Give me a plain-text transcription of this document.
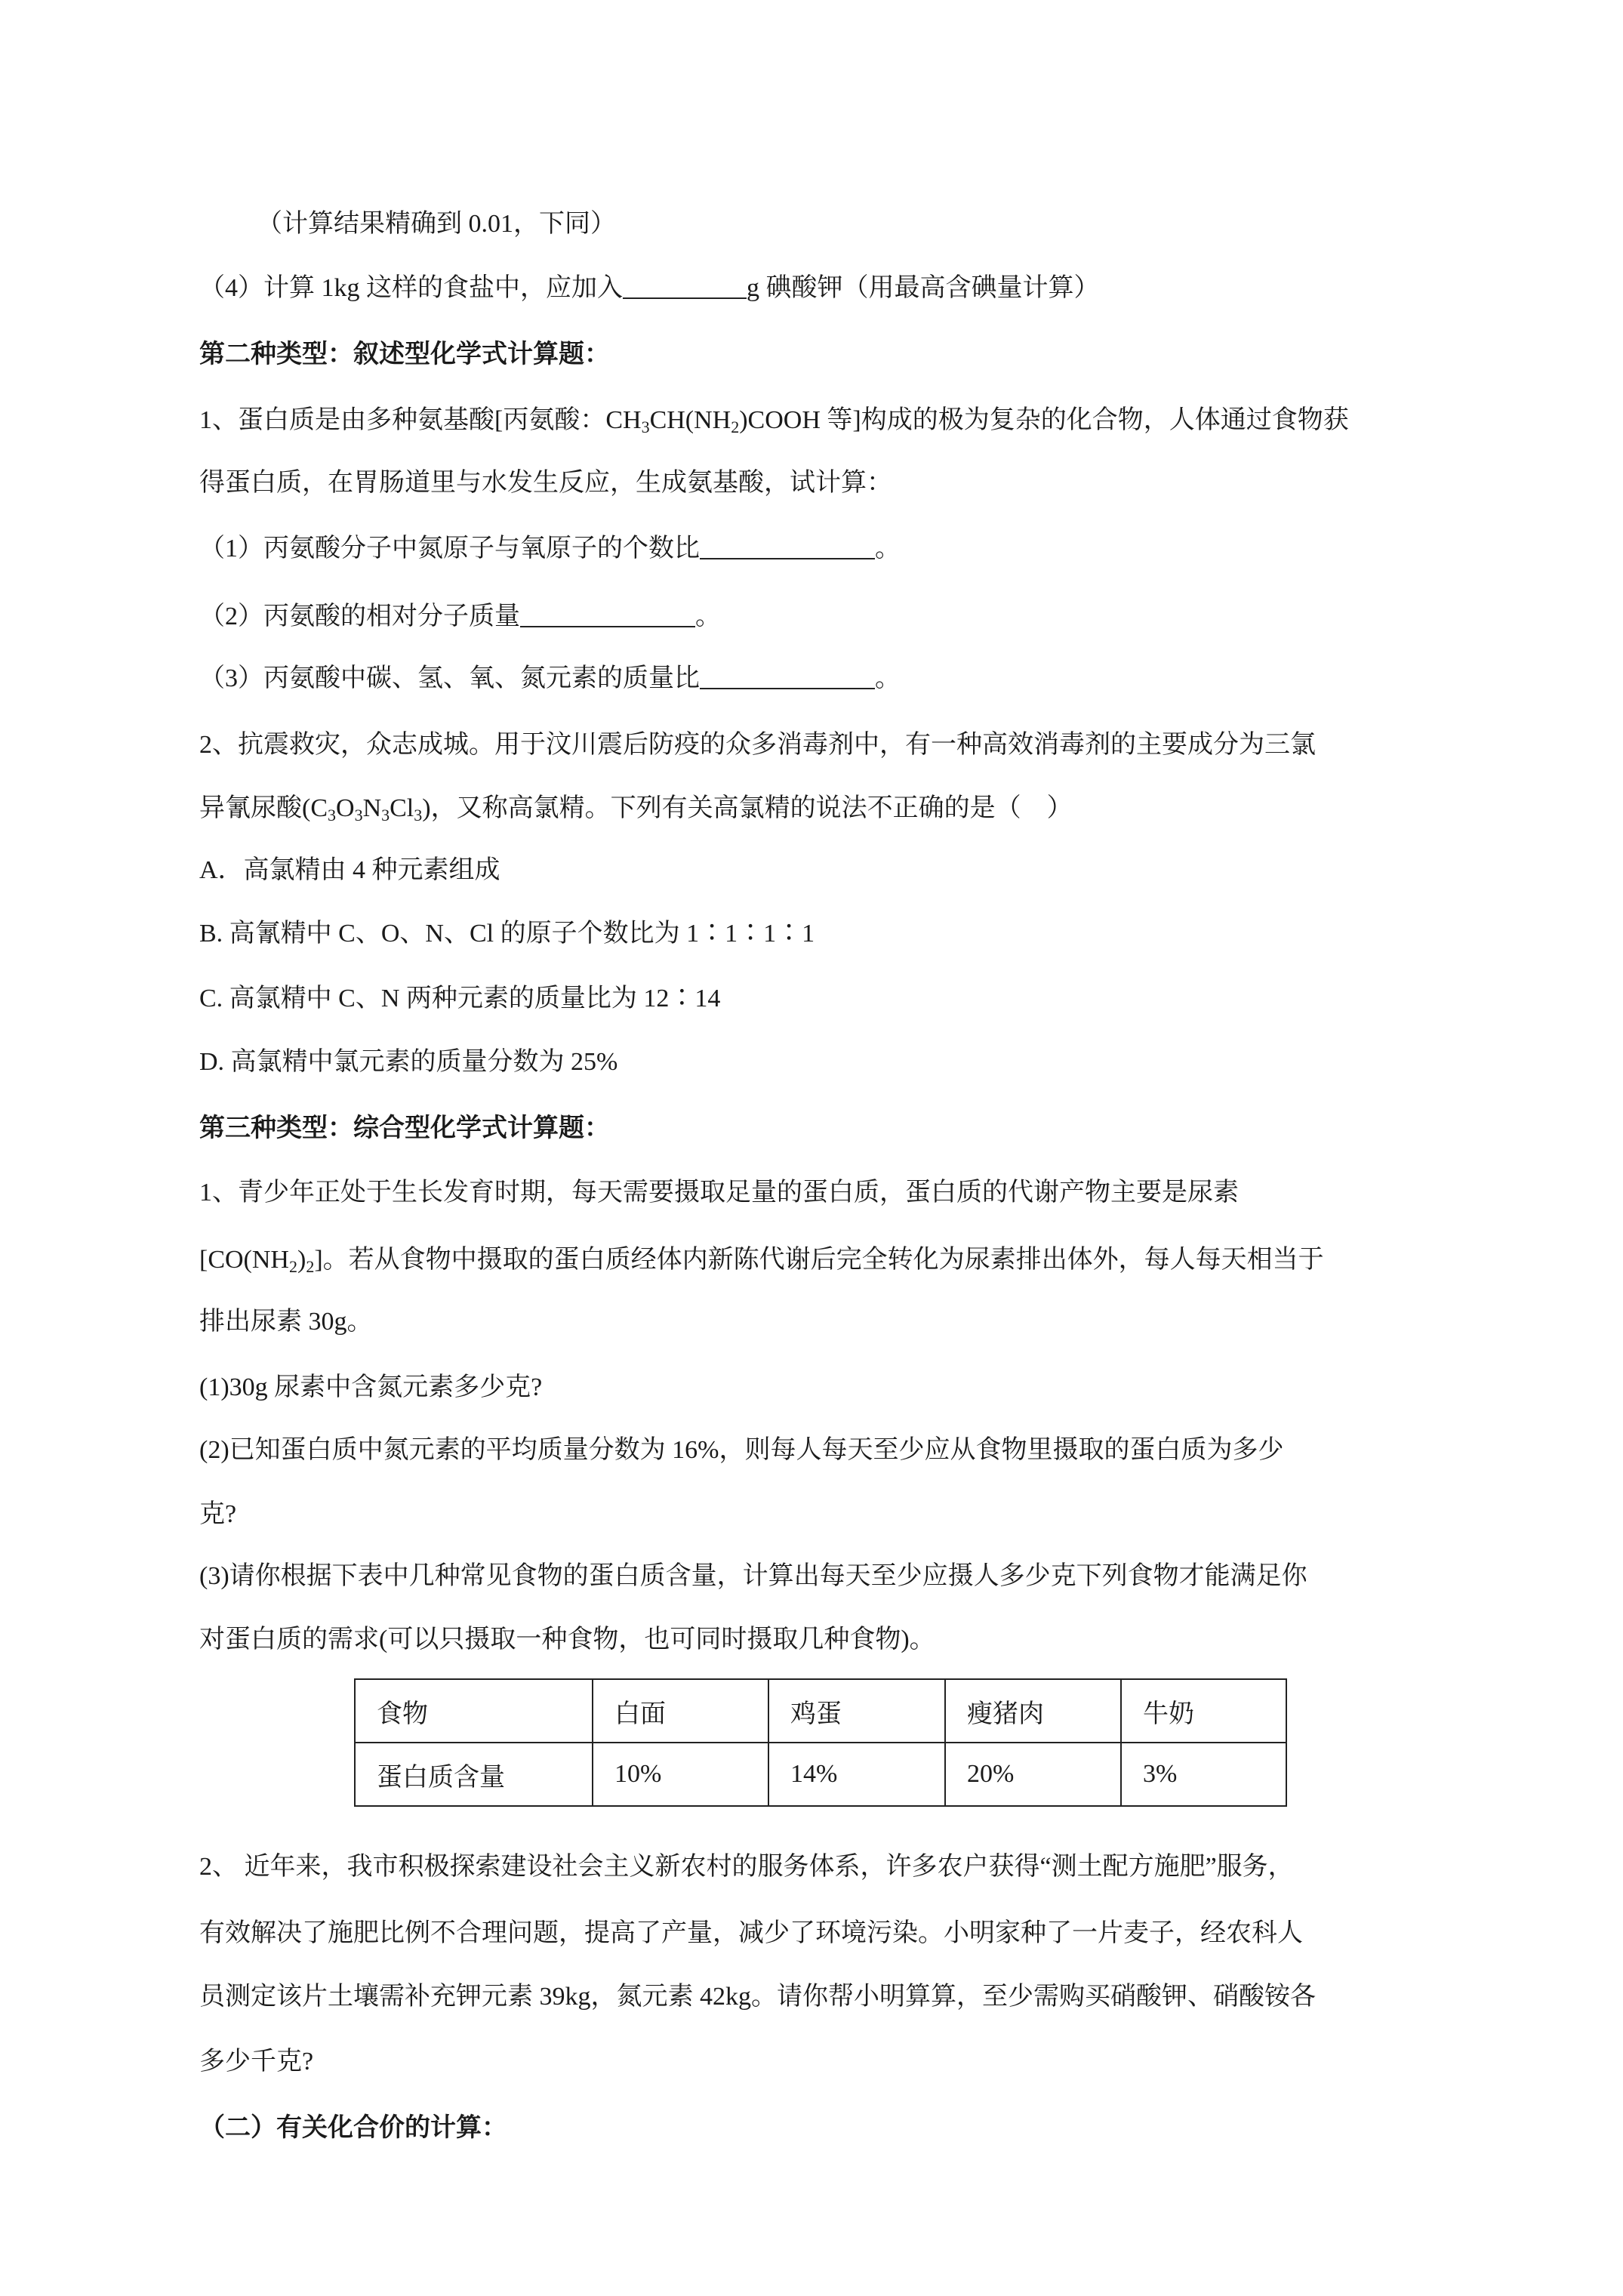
（计算结果精确到 0.01，下同）
（4）计算 1kg 这样的食盐中，应加入	g 碘酸钾（用最高含碘量计算）
第二种类型：叙述型化学式计算题：
1、蛋白质是由多种氨基酸[丙氨酸：$CH_3CH(NH_2)COOH$ 等]构成的极为复杂的化合物，人体通过食物获
得蛋白质，在胃肠道里与水发生反应，生成氨基酸，试计算：
（1）丙氨酸分子中氮原子与氧原子的个数比	。
（2）丙氨酸的相对分子质量	。
（3）丙氨酸中碳、氢、氧、氮元素的质量比	。
2、抗震救灾，众志成城。用于汶川震后防疫的众多消毒剂中，有一种高效消毒剂的主要成分为三氯
异氰尿酸$(C_3O_3N_3Cl_3)$，又称高氯精。下列有关高氯精的说法不正确的是（　）
A．高氯精由 4 种元素组成
B. 高氰精中 C、O、N、Cl 的原子个数比为 1∶1∶1∶1
C. 高氯精中 C、N 两种元素的质量比为 12∶14
D. 高氯精中氯元素的质量分数为 25%
第三种类型：综合型化学式计算题：
1、青少年正处于生长发育时期，每天需要摄取足量的蛋白质，蛋白质的代谢产物主要是尿素
$[CO(NH_2)_2]$。若从食物中摄取的蛋白质经体内新陈代谢后完全转化为尿素排出体外，每人每天相当于
排出尿素 30g。
(1)30g 尿素中含氮元素多少克?
(2)已知蛋白质中氮元素的平均质量分数为 16%，则每人每天至少应从食物里摄取的蛋白质为多少
克?
(3)请你根据下表中几种常见食物的蛋白质含量，计算出每天至少应摄人多少克下列食物才能满足你
对蛋白质的需求(可以只摄取一种食物，也可同时摄取几种食物)。
食物	白面	鸡蛋	瘦猪肉	牛奶
蛋白质含量	10%	14%	20%	3%
2、 近年来，我市积极探索建设社会主义新农村的服务体系，许多农户获得“测土配方施肥”服务，
有效解决了施肥比例不合理问题，提高了产量，减少了环境污染。小明家种了一片麦子，经农科人
员测定该片土壤需补充钾元素 39kg，氮元素 42kg。请你帮小明算算，至少需购买硝酸钾、硝酸铵各
多少千克?
（二）有关化合价的计算：
